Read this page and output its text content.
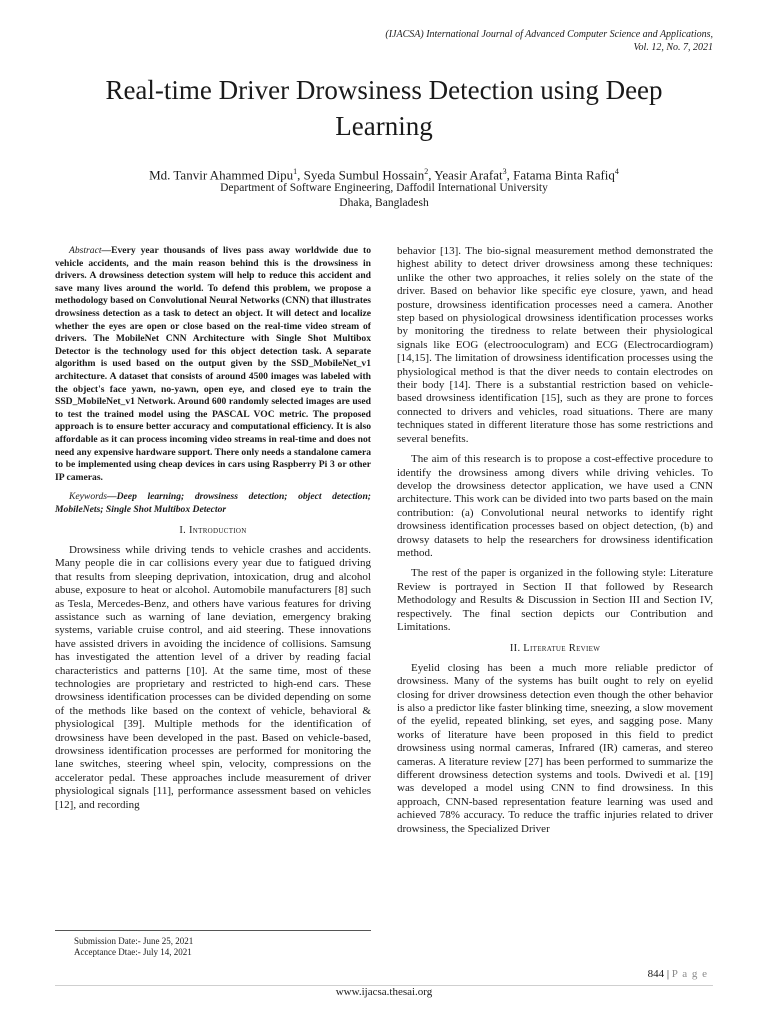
(IJACSA) International Journal of Advanced Computer Science and Applications,
Vol. 12, No. 7, 2021
Real-time Driver Drowsiness Detection using Deep Learning
Md. Tanvir Ahammed Dipu$^1$, Syeda Sumbul Hossain$^2$, Yeasir Arafat$^3$, Fatama Binta Rafiq$^4$
Department of Software Engineering, Daffodil International University
Dhaka, Bangladesh

Abstract—Every year thousands of lives pass away worldwide due to vehicle accidents, and the main reason behind this is the drowsiness in drivers. A drowsiness detection system will help to reduce this accident and save many lives around the world. To defend this problem, we propose a methodology based on Convolutional Neural Networks (CNN) that illustrates drowsiness detection as a task to detect an object. It will detect and localize whether the eyes are open or close based on the real-time video stream of drivers. The MobileNet CNN Architecture with Single Shot Multibox Detector is the technology used for this object detection task. A separate algorithm is used based on the output given by the SSD_MobileNet_v1 architecture. A dataset that consists of around 4500 images was labeled with the object's face yawn, no-yawn, open eye, and closed eye to train the SSD_MobileNet_v1 Network. Around 600 randomly selected images are used to test the trained model using the PASCAL VOC metric. The proposed approach is to ensure better accuracy and computational efficiency. It is also affordable as it can process incoming video streams in real-time and does not need any expensive hardware support. There only needs a standalone camera to be implemented using cheap devices in cars using Raspberry Pi 3 or other IP cameras.

Keywords—Deep learning; drowsiness detection; object detection; MobileNets; Single Shot Multibox Detector

I. Introduction

Drowsiness while driving tends to vehicle crashes and accidents. Many people die in car collisions every year due to fatigued driving that results from sleeping deprivation, intoxication, drug and alcohol abuse, exposure to heat or alcohol. Automobile manufacturers [8] such as Tesla, Mercedes-Benz, and others have various features for driving assistance such as warning of lane deviation, emergency braking systems, variable cruise control, and aid steering. These innovations have assisted drivers in avoiding the incidence of collisions. Samsung has investigated the attention level of a driver by reading facial characteristics and patterns [10]. At the same time, most of these technologies are proprietary and restricted to high-end cars. These drowsiness identification processes can be divided depending on some of the methods like based on the context of vehicle, behavioral & physiological [39]. Multiple methods for the identification of drowsiness have been developed in the past. Based on vehicle-based, drowsiness identification processes are performed for monitoring the lane switches, steering wheel spin, velocity, compressions on the accelerator pedal. These approaches include measurement of driver physiological signals [11], performance assessment based on vehicles [12], and recording

behavior [13]. The bio-signal measurement method demonstrated the highest ability to detect driver drowsiness among these techniques: unlike the other two approaches, it relies solely on the state of the driver. Based on behavior like specific eye closure, yawn, and head posture, drowsiness identification processes need a camera. Another step based on physiological drowsiness identification processes works by monitoring the tiredness to relate between their physiological signals like EOG (electrooculogram) and ECG (Electrocardiogram) [14,15]. The limitation of drowsiness identification processes using the physiological method is that the diver needs to contain electrodes on their body [14]. There is a substantial restriction based on vehicle-based drowsiness identification [15], such as they are prone to forces connected to drivers and vehicles, road situations. There are many techniques stated in different literature those has some restrictions and several benefits.

The aim of this research is to propose a cost-effective procedure to identify the drowsiness among divers while driving vehicles. To develop the drowsiness detector application, we have used a CNN architecture. This work can be divided into two parts based on the main contribution: (a) Convolutional neural networks to identify right drowsiness identification processes based on object detection, (b) and drowsy datasets to help the researchers for drowsiness identification method.

The rest of the paper is organized in the following style: Literature Review is portrayed in Section II that followed by Research Methodology and Results & Discussion in Section III and Section IV, respectively. The final section depicts our Contribution and Limitations.

II. Literatue Review

Eyelid closing has been a much more reliable predictor of drowsiness. Many of the systems has built ought to rely on eyelid closing for driver drowsiness detection even though the other behavior is also a predictor like faster blinking time, sneezing, a slow movement of the eyelid, repeated blinking, set eyes, and sagging pose. Many works of literature have been proposed in this field to predict drowsiness using normal cameras, Infrared (IR) cameras, and stereo cameras. A literature review [27] has been performed to summarize the different drowsiness detection systems and tools. Dwivedi et al. [19] was developed a model using CNN to find drowsiness. In this approach, CNN-based representation feature learning was used and achieved 78% accuracy. To reduce the traffic injuries related to driver drowsiness, the Specialized Driver

Submission Date:- June 25, 2021
Acceptance Dtae:- July 14, 2021
844 | P a g e
www.ijacsa.thesai.org
